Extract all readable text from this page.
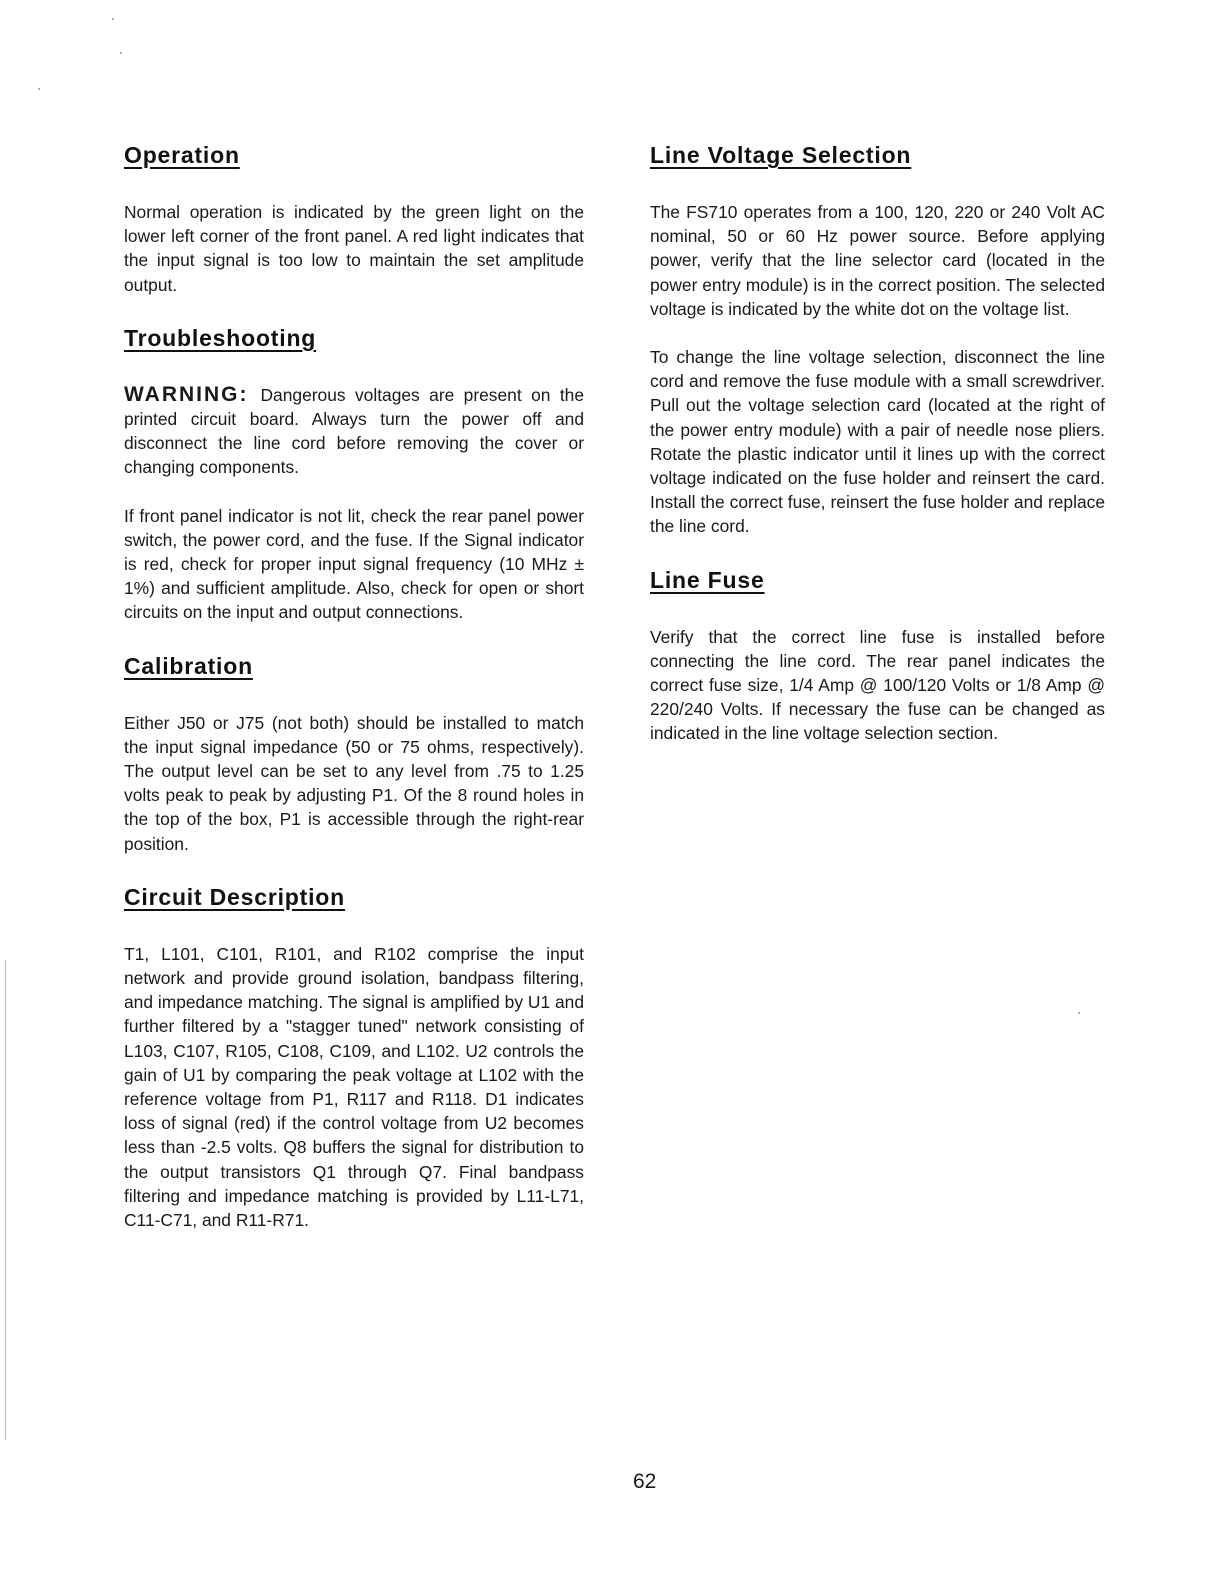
Operation

Normal operation is indicated by the green light on the lower left corner of the front panel. A red light indicates that the input signal is too low to maintain the set amplitude output.

Troubleshooting

WARNING: Dangerous voltages are present on the printed circuit board. Always turn the power off and disconnect the line cord before removing the cover or changing components.

If front panel indicator is not lit, check the rear panel power switch, the power cord, and the fuse. If the Signal indicator is red, check for proper input signal frequency (10 MHz ± 1%) and sufficient amplitude. Also, check for open or short circuits on the input and output connections.

Calibration

Either J50 or J75 (not both) should be installed to match the input signal impedance (50 or 75 ohms, respectively). The output level can be set to any level from .75 to 1.25 volts peak to peak by adjusting P1. Of the 8 round holes in the top of the box, P1 is accessible through the right-rear position.

Circuit Description

T1, L101, C101, R101, and R102 comprise the input network and provide ground isolation, bandpass filtering, and impedance matching. The signal is amplified by U1 and further filtered by a "stagger tuned" network consisting of L103, C107, R105, C108, C109, and L102. U2 controls the gain of U1 by comparing the peak voltage at L102 with the reference voltage from P1, R117 and R118. D1 indicates loss of signal (red) if the control voltage from U2 becomes less than -2.5 volts. Q8 buffers the signal for distribution to the output transistors Q1 through Q7. Final bandpass filtering and impedance matching is provided by L11-L71, C11-C71, and R11-R71.

Line Voltage Selection

The FS710 operates from a 100, 120, 220 or 240 Volt AC nominal, 50 or 60 Hz power source. Before applying power, verify that the line selector card (located in the power entry module) is in the correct position. The selected voltage is indicated by the white dot on the voltage list.

To change the line voltage selection, disconnect the line cord and remove the fuse module with a small screwdriver. Pull out the voltage selection card (located at the right of the power entry module) with a pair of needle nose pliers. Rotate the plastic indicator until it lines up with the correct voltage indicated on the fuse holder and reinsert the card. Install the correct fuse, reinsert the fuse holder and replace the line cord.

Line Fuse

Verify that the correct line fuse is installed before connecting the line cord. The rear panel indicates the correct fuse size, 1/4 Amp @ 100/120 Volts or 1/8 Amp @ 220/240 Volts. If necessary the fuse can be changed as indicated in the line voltage selection section.

62
